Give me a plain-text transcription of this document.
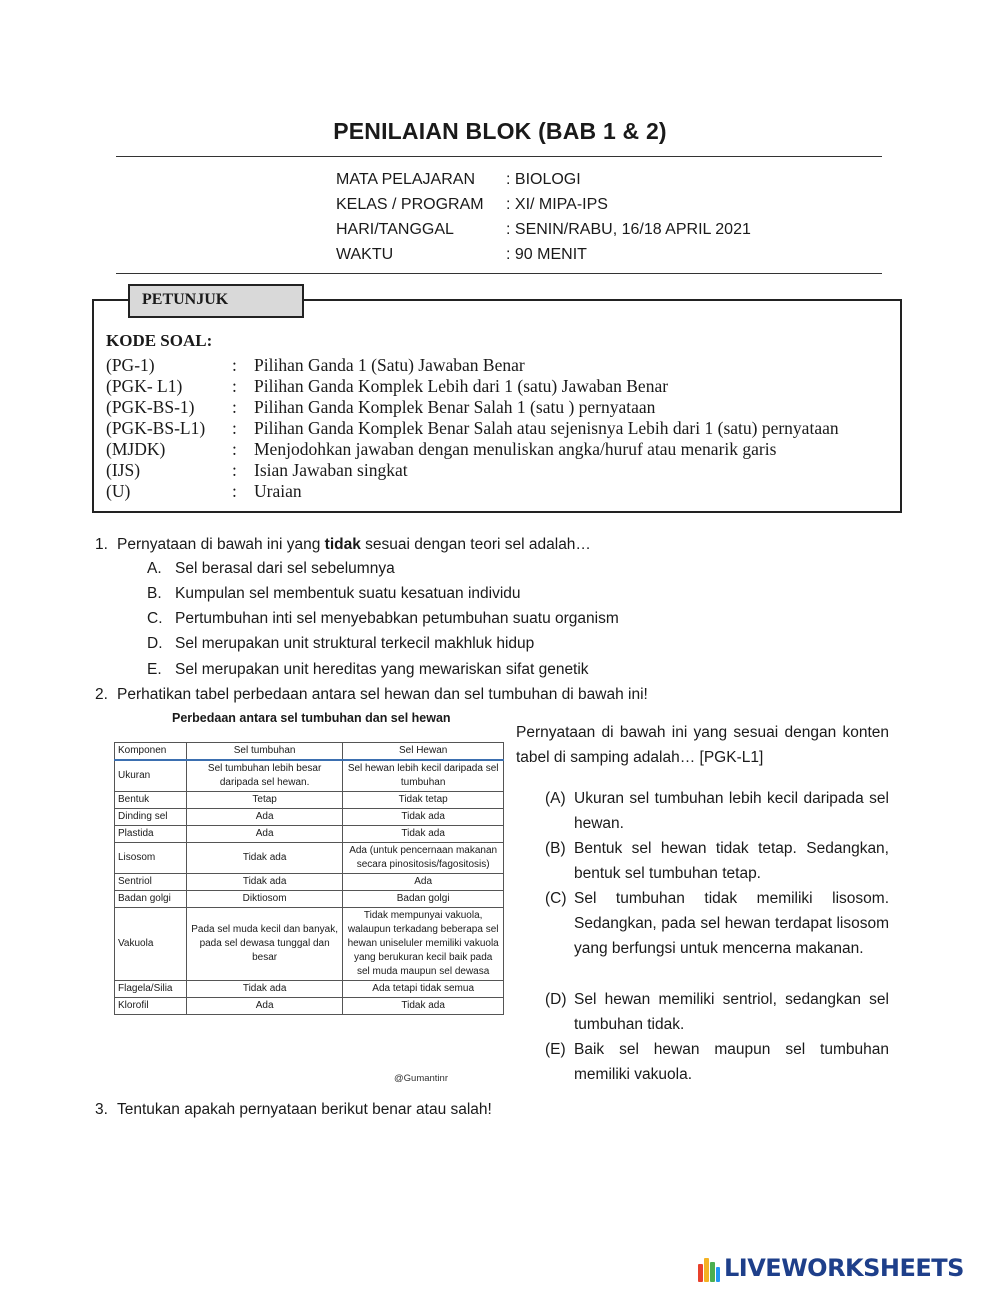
PENILAIAN BLOK (BAB 1 & 2)
MATA PELAJARAN : BIOLOGI
KELAS / PROGRAM : XI/ MIPA-IPS
HARI/TANGGAL	: SENIN/RABU, 16/18 APRIL 2021
WAKTU	: 90 MENIT
PETUNJUK
KODE SOAL:
(PG-1)	: Pilihan Ganda 1 (Satu) Jawaban Benar
(PGK- L1)	: Pilihan Ganda Komplek Lebih dari 1 (satu) Jawaban Benar
(PGK-BS-1) : Pilihan Ganda Komplek Benar Salah 1 (satu ) pernyataan
(PGK-BS-L1) : Pilihan Ganda Komplek Benar Salah atau sejenisnya Lebih dari 1 (satu) pernyataan
(MJDK)	: Menjodohkan jawaban dengan menuliskan angka/huruf atau menarik garis
(IJS)	: Isian Jawaban singkat
(U)	: Uraian
1. Pernyataan di bawah ini yang tidak sesuai dengan teori sel adalah…
A. Sel berasal dari sel sebelumnya
B. Kumpulan sel membentuk suatu kesatuan individu
C. Pertumbuhan inti sel menyebabkan petumbuhan suatu organism
D. Sel merupakan unit struktural terkecil makhluk hidup
E. Sel merupakan unit hereditas yang mewariskan sifat genetik
2. Perhatikan tabel perbedaan antara sel hewan dan sel tumbuhan di bawah ini!
Perbedaan antara sel tumbuhan dan sel hewan
Komponen	Sel tumbuhan	Sel Hewan
Ukuran	Sel tumbuhan lebih besar daripada sel hewan.	Sel hewan lebih kecil daripada sel tumbuhan
Bentuk	Tetap	Tidak tetap
Dinding sel	Ada	Tidak ada
Plastida	Ada	Tidak ada
Lisosom	Tidak ada	Ada (untuk pencernaan makanan secara pinositosis/fagositosis)
Sentriol	Tidak ada	Ada
Badan golgi	Diktiosom	Badan golgi
Vakuola	Pada sel muda kecil dan banyak, pada sel dewasa tunggal dan besar	Tidak mempunyai vakuola, walaupun terkadang beberapa sel hewan uniseluler memiliki vakuola yang berukuran kecil baik pada sel muda maupun sel dewasa
Flagela/Silia	Tidak ada	Ada tetapi tidak semua
Klorofil	Ada	Tidak ada
@Gumantinr
Pernyataan di bawah ini yang sesuai dengan konten tabel di samping adalah… [PGK-L1]
(A) Ukuran sel tumbuhan lebih kecil daripada sel hewan.
(B) Bentuk sel hewan tidak tetap. Sedangkan, bentuk sel tumbuhan tetap.
(C) Sel tumbuhan tidak memiliki lisosom. Sedangkan, pada sel hewan terdapat lisosom yang berfungsi untuk mencerna makanan.
(D) Sel hewan memiliki sentriol, sedangkan sel tumbuhan tidak.
(E) Baik sel hewan maupun sel tumbuhan memiliki vakuola.
3. Tentukan apakah pernyataan berikut benar atau salah!
LIVEWORKSHEETS
